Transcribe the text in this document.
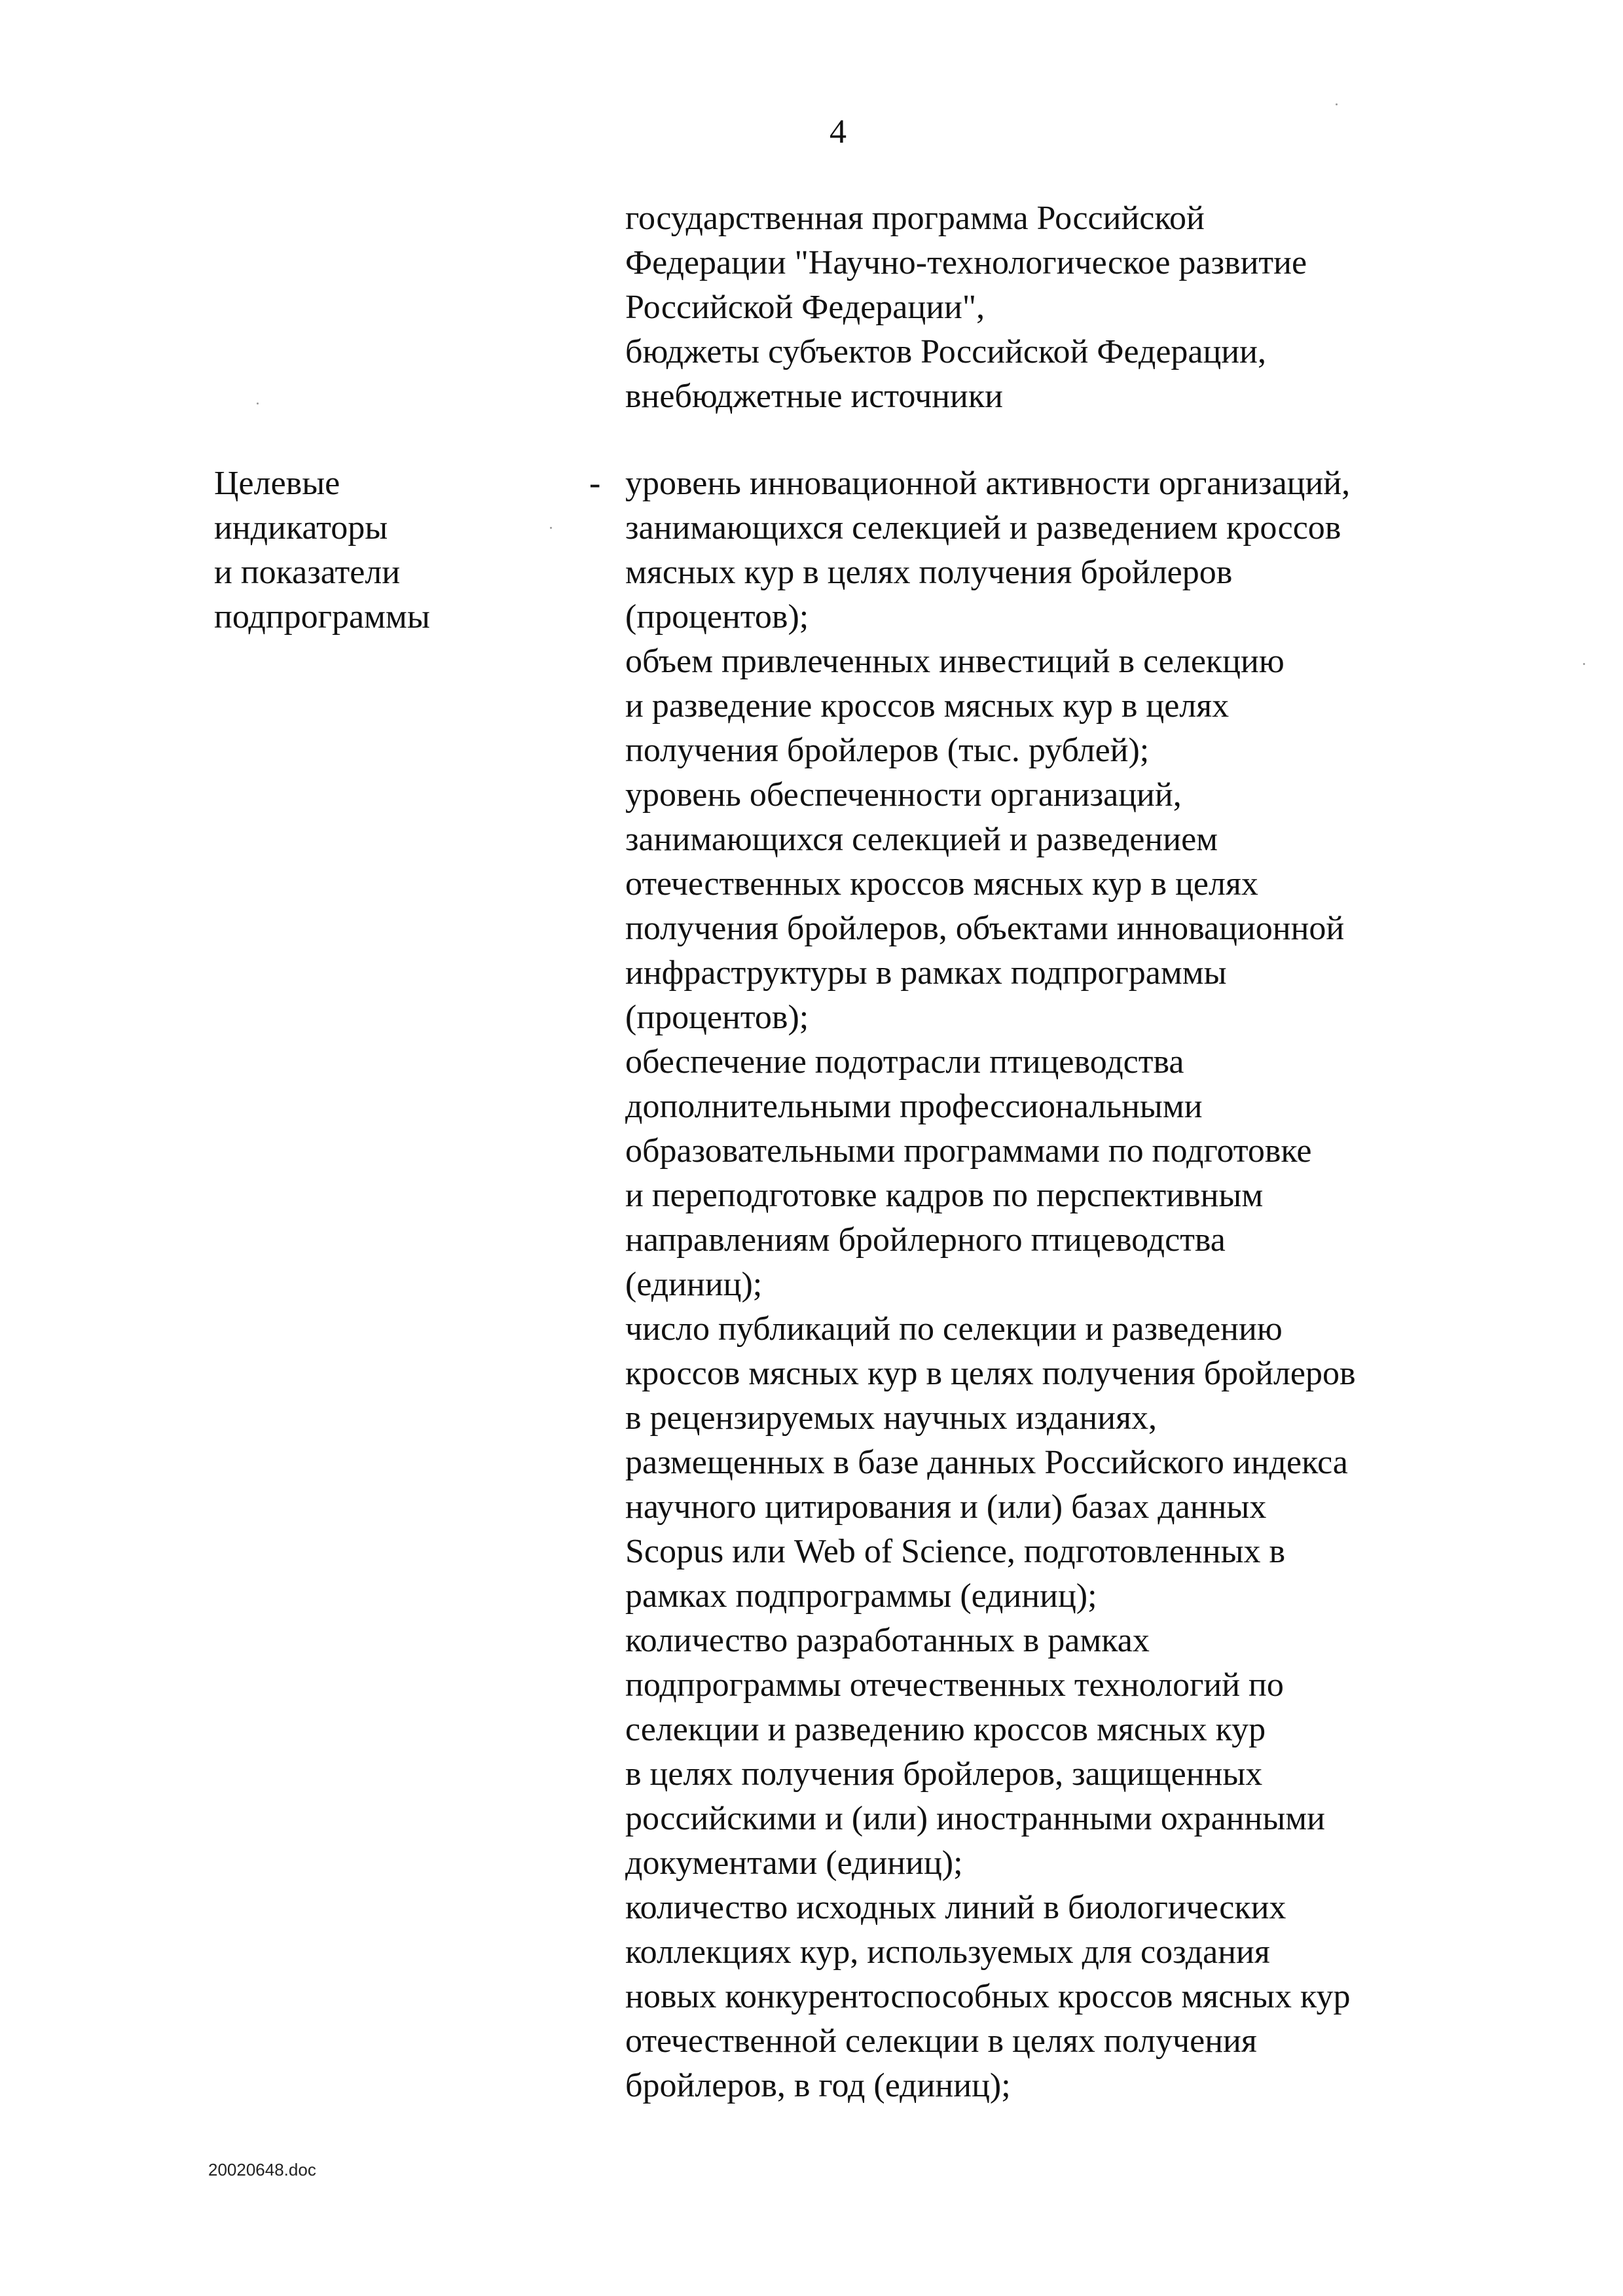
4
государственная программа Российской
Федерации "Научно-технологическое развитие
Российской Федерации",
бюджеты субъектов Российской Федерации,
внебюджетные источники
Целевые
индикаторы
и показатели
подпрограммы
- уровень инновационной активности организаций,
занимающихся селекцией и разведением кроссов
мясных кур в целях получения бройлеров
(процентов);
объем привлеченных инвестиций в селекцию
и разведение кроссов мясных кур в целях
получения бройлеров (тыс. рублей);
уровень обеспеченности организаций,
занимающихся селекцией и разведением
отечественных кроссов мясных кур в целях
получения бройлеров, объектами инновационной
инфраструктуры в рамках подпрограммы
(процентов);
обеспечение подотрасли птицеводства
дополнительными профессиональными
образовательными программами по подготовке
и переподготовке кадров по перспективным
направлениям бройлерного птицеводства
(единиц);
число публикаций по селекции и разведению
кроссов мясных кур в целях получения бройлеров
в рецензируемых научных изданиях,
размещенных в базе данных Российского индекса
научного цитирования и (или) базах данных
Scopus или Web of Science, подготовленных в
рамках подпрограммы (единиц);
количество разработанных в рамках
подпрограммы отечественных технологий по
селекции и разведению кроссов мясных кур
в целях получения бройлеров, защищенных
российскими и (или) иностранными охранными
документами (единиц);
количество исходных линий в биологических
коллекциях кур, используемых для создания
новых конкурентоспособных кроссов мясных кур
отечественной селекции в целях получения
бройлеров, в год (единиц);
20020648.doc
